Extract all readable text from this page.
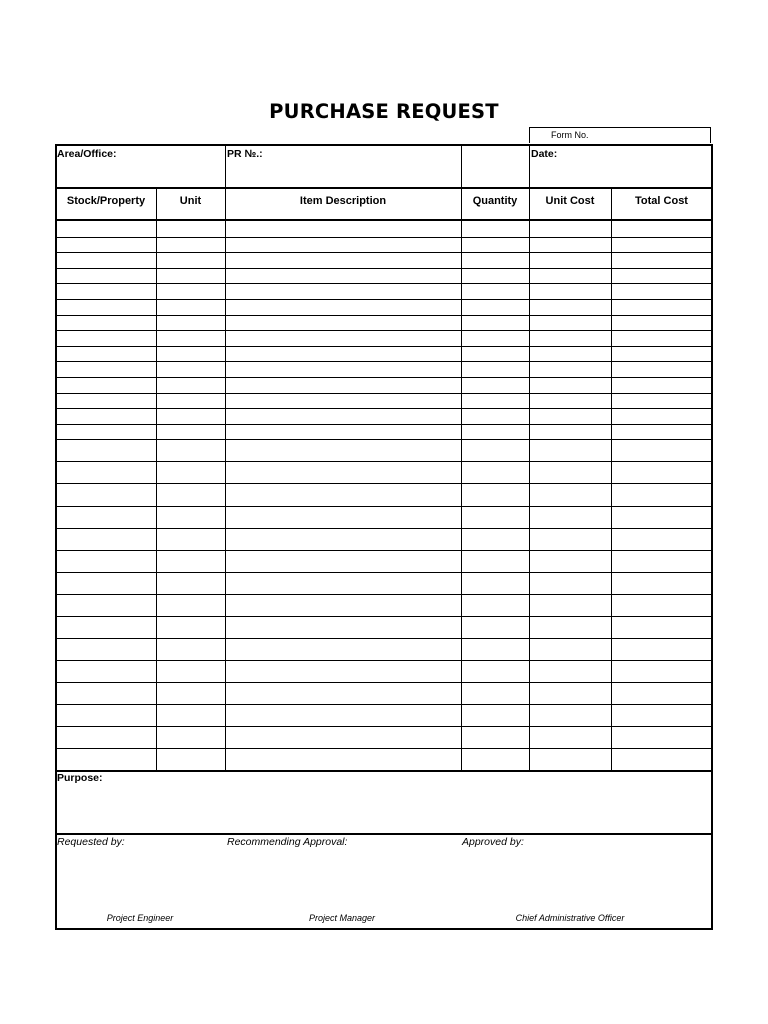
PURCHASE REQUEST
Form No.
Area/Office:	PR №.:	Date:
Stock/Property	Unit	Item Description	Quantity	Unit Cost	Total Cost
Purpose:
Requested by:	Recommending Approval:	Approved by:
Project Engineer	Project Manager	Chief Administrative Officer
